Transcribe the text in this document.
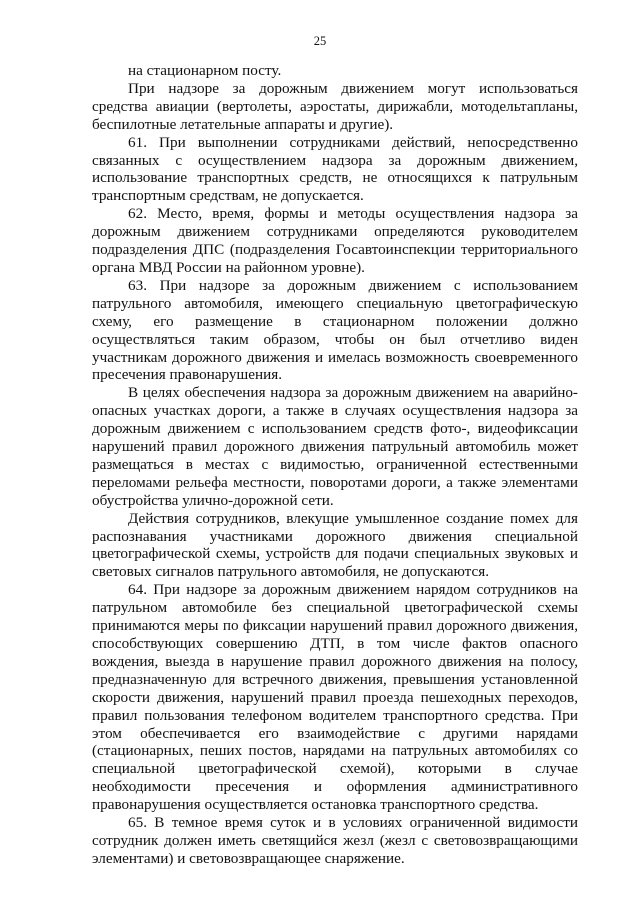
25

на стационарном посту.

При надзоре за дорожным движением могут использоваться средства авиации (вертолеты, аэростаты, дирижабли, мотодельтапланы, беспилотные летательные аппараты и другие).

61. При выполнении сотрудниками действий, непосредственно связанных с осуществлением надзора за дорожным движением, использование транспортных средств, не относящихся к патрульным транспортным средствам, не допускается.

62. Место, время, формы и методы осуществления надзора за дорожным движением сотрудниками определяются руководителем подразделения ДПС (подразделения Госавтоинспекции территориального органа МВД России на районном уровне).

63. При надзоре за дорожным движением с использованием патрульного автомобиля, имеющего специальную цветографическую схему, его размещение в стационарном положении должно осуществляться таким образом, чтобы он был отчетливо виден участникам дорожного движения и имелась возможность своевременного пресечения правонарушения.

В целях обеспечения надзора за дорожным движением на аварийно-опасных участках дороги, а также в случаях осуществления надзора за дорожным движением с использованием средств фото-, видеофиксации нарушений правил дорожного движения патрульный автомобиль может размещаться в местах с видимостью, ограниченной естественными переломами рельефа местности, поворотами дороги, а также элементами обустройства улично-дорожной сети.

Действия сотрудников, влекущие умышленное создание помех для распознавания участниками дорожного движения специальной цветографической схемы, устройств для подачи специальных звуковых и световых сигналов патрульного автомобиля, не допускаются.

64. При надзоре за дорожным движением нарядом сотрудников на патрульном автомобиле без специальной цветографической схемы принимаются меры по фиксации нарушений правил дорожного движения, способствующих совершению ДТП, в том числе фактов опасного вождения, выезда в нарушение правил дорожного движения на полосу, предназначенную для встречного движения, превышения установленной скорости движения, нарушений правил проезда пешеходных переходов, правил пользования телефоном водителем транспортного средства. При этом обеспечивается его взаимодействие с другими нарядами (стационарных, пеших постов, нарядами на патрульных автомобилях со специальной цветографической схемой), которыми в случае необходимости пресечения и оформления административного правонарушения осуществляется остановка транспортного средства.

65. В темное время суток и в условиях ограниченной видимости сотрудник должен иметь светящийся жезл (жезл с световозвращающими элементами) и световозвращающее снаряжение.
